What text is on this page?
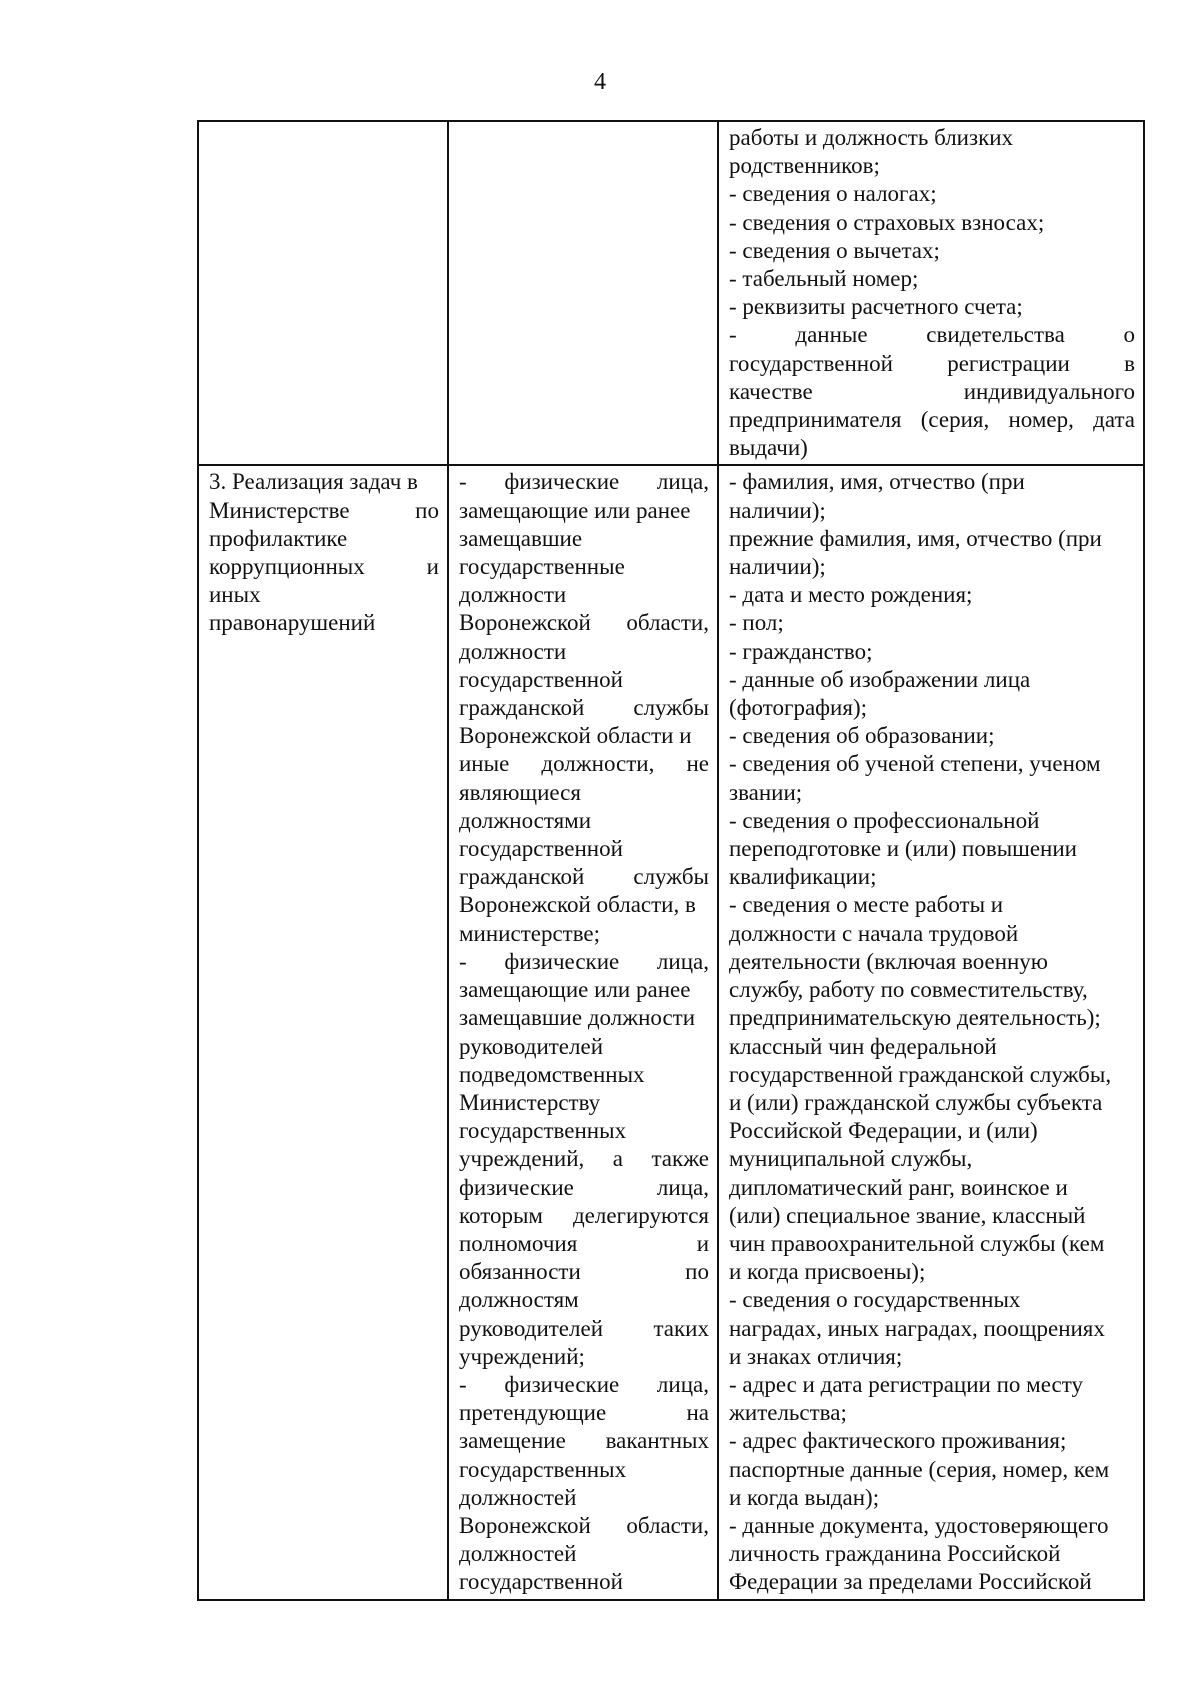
4
работы и должность близких
родственников;
- сведения о налогах;
- сведения о страховых взносах;
- сведения о вычетах;
- табельный номер;
- реквизиты расчетного счета;
- данные свидетельства о
государственной регистрации в
качестве индивидуального
предпринимателя (серия, номер, дата
выдачи)
3. Реализация задач в
Министерстве по
профилактике
коррупционных и
иных
правонарушений
- физические лица,
замещающие или ранее
замещавшие
государственные
должности
Воронежской области,
должности
государственной
гражданской службы
Воронежской области и
иные должности, не
являющиеся
должностями
государственной
гражданской службы
Воронежской области, в
министерстве;
- физические лица,
замещающие или ранее
замещавшие должности
руководителей
подведомственных
Министерству
государственных
учреждений, а также
физические лица,
которым делегируются
полномочия и
обязанности по
должностям
руководителей таких
учреждений;
- физические лица,
претендующие на
замещение вакантных
государственных
должностей
Воронежской области,
должностей
государственной
- фамилия, имя, отчество (при
наличии);
прежние фамилия, имя, отчество (при
наличии);
- дата и место рождения;
- пол;
- гражданство;
- данные об изображении лица
(фотография);
- сведения об образовании;
- сведения об ученой степени, ученом
звании;
- сведения о профессиональной
переподготовке и (или) повышении
квалификации;
- сведения о месте работы и
должности с начала трудовой
деятельности (включая военную
службу, работу по совместительству,
предпринимательскую деятельность);
классный чин федеральной
государственной гражданской службы,
и (или) гражданской службы субъекта
Российской Федерации, и (или)
муниципальной службы,
дипломатический ранг, воинское и
(или) специальное звание, классный
чин правоохранительной службы (кем
и когда присвоены);
- сведения о государственных
наградах, иных наградах, поощрениях
и знаках отличия;
- адрес и дата регистрации по месту
жительства;
- адрес фактического проживания;
паспортные данные (серия, номер, кем
и когда выдан);
- данные документа, удостоверяющего
личность гражданина Российской
Федерации за пределами Российской
